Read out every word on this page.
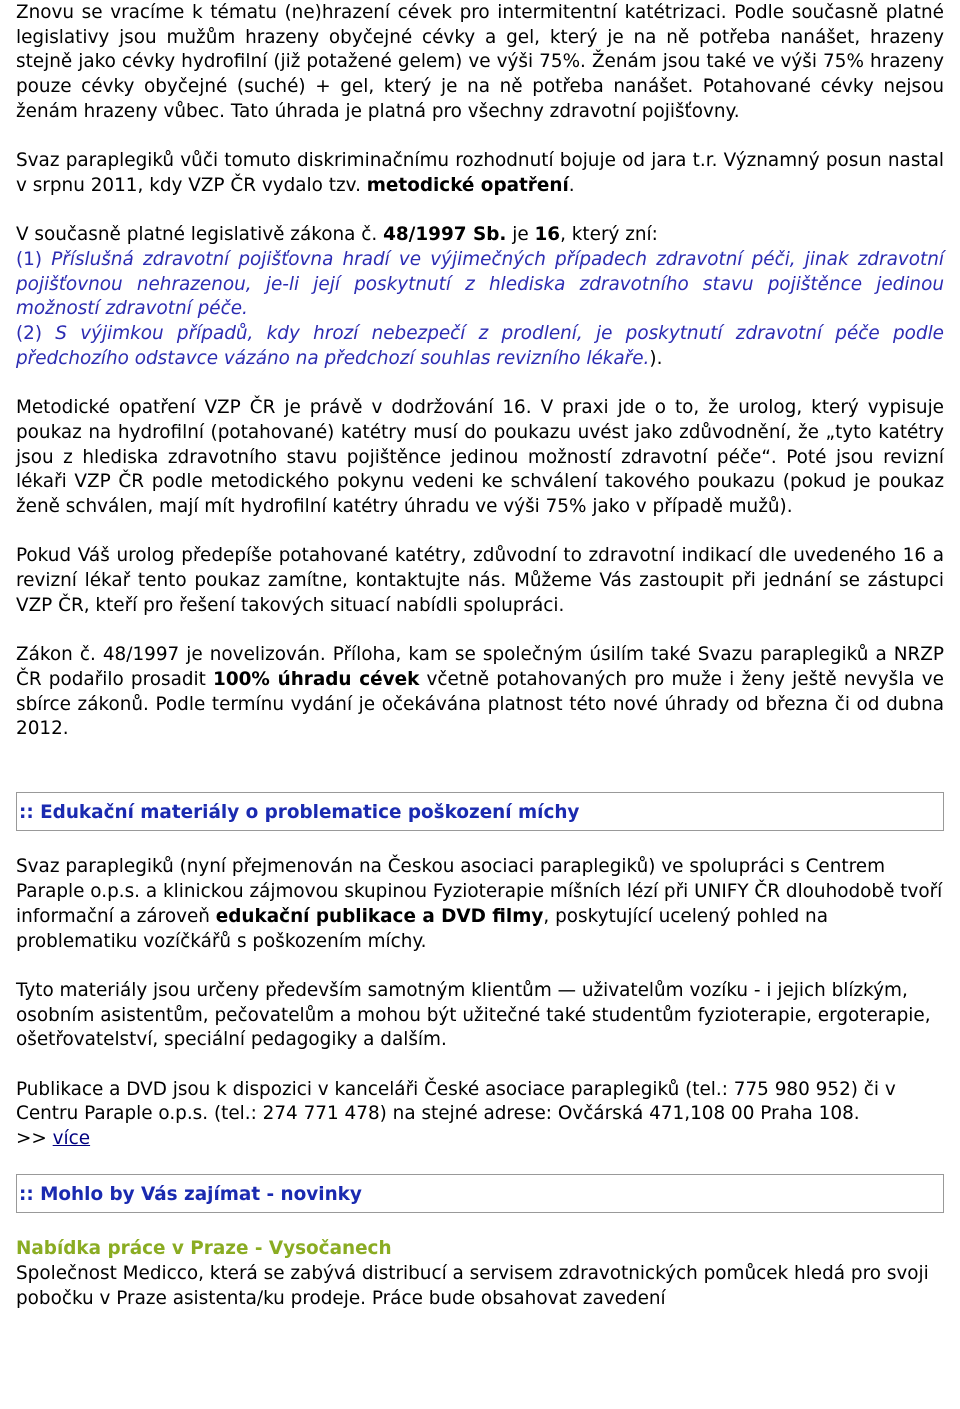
Znovu se vracíme k tématu (ne)hrazení cévek pro intermitentní katétrizaci. Podle současně platné legislativy jsou mužům hrazeny obyčejné cévky a gel, který je na ně potřeba nanášet, hrazeny stejně jako cévky hydrofilní (již potažené gelem) ve výši 75%. Ženám jsou také ve výši 75% hrazeny pouze cévky obyčejné (suché) + gel, který je na ně potřeba nanášet. Potahované cévky nejsou ženám hrazeny vůbec. Tato úhrada je platná pro všechny zdravotní pojišťovny.

Svaz paraplegiků vůči tomuto diskriminačnímu rozhodnutí bojuje od jara t.r. Významný posun nastal v srpnu 2011, kdy VZP ČR vydalo tzv. metodické opatření.

V současně platné legislativě zákona č. 48/1997 Sb. je 16, který zní:

(1) Příslušná zdravotní pojišťovna hradí ve výjimečných případech zdravotní péči, jinak zdravotní pojišťovnou nehrazenou, je-li její poskytnutí z hlediska zdravotního stavu pojištěnce jedinou možností zdravotní péče.

(2) S výjimkou případů, kdy hrozí nebezpečí z prodlení, je poskytnutí zdravotní péče podle předchozího odstavce vázáno na předchozí souhlas revizního lékaře.).

Metodické opatření VZP ČR je právě v dodržování 16. V praxi jde o to, že urolog, který vypisuje poukaz na hydrofilní (potahované) katétry musí do poukazu uvést jako zdůvodnění, že „tyto katétry jsou z hlediska zdravotního stavu pojištěnce jedinou možností zdravotní péče“. Poté jsou revizní lékaři VZP ČR podle metodického pokynu vedeni ke schválení takového poukazu (pokud je poukaz ženě schválen, mají mít hydrofilní katétry úhradu ve výši 75% jako v případě mužů).

Pokud Váš urolog předepíše potahované katétry, zdůvodní to zdravotní indikací dle uvedeného 16 a revizní lékař tento poukaz zamítne, kontaktujte nás. Můžeme Vás zastoupit při jednání se zástupci VZP ČR, kteří pro řešení takových situací nabídli spolupráci.

Zákon č. 48/1997 je novelizován. Příloha, kam se společným úsilím také Svazu paraplegiků a NRZP ČR podařilo prosadit 100% úhradu cévek včetně potahovaných pro muže i ženy ještě nevyšla ve sbírce zákonů. Podle termínu vydání je očekávána platnost této nové úhrady od března či od dubna 2012.

:: Edukační materiály o problematice poškození míchy

Svaz paraplegiků (nyní přejmenován na Českou asociaci paraplegiků) ve spolupráci s Centrem Paraple o.p.s. a klinickou zájmovou skupinou Fyzioterapie míšních lézí při UNIFY ČR dlouhodobě tvoří informační a zároveň edukační publikace a DVD filmy, poskytující ucelený pohled na problematiku vozíčkářů s poškozením míchy.

Tyto materiály jsou určeny především samotným klientům — uživatelům vozíku - i jejich blízkým, osobním asistentům, pečovatelům a mohou být užitečné také studentům fyzioterapie, ergoterapie, ošetřovatelství, speciální pedagogiky a dalším.

Publikace a DVD jsou k dispozici v kanceláři České asociace paraplegiků (tel.: 775 980 952) či v Centru Paraple o.p.s. (tel.: 274 771 478) na stejné adrese: Ovčárská 471,108 00 Praha 108.

>> více

:: Mohlo by Vás zajímat - novinky

Nabídka práce v Praze - Vysočanech

Společnost Medicco, která se zabývá distribucí a servisem zdravotnických pomůcek hledá pro svoji pobočku v Praze asistenta/ku prodeje. Práce bude obsahovat zavedení
